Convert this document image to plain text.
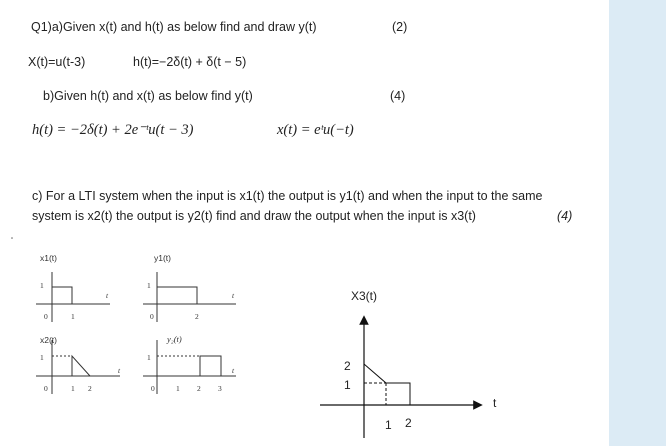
Q1)a)Given x(t) and h(t) as below find and draw y(t)	(2)
X(t)=u(t-3)	h(t)=−2δ(t) + δ(t − 5)
b)Given h(t) and x(t) as below find y(t)	(4)
h(t) = −2δ(t) + 2e⁻ᵗu(t − 3)	x(t) = eᵗu(−t)
c) For a LTI system when the input is x1(t) the output is y1(t) and when the input to the same
system is x2(t) the output is y2(t) find and draw the output when the input is x3(t)	(4)
x1(t)	y1(t)
x2(t)	y₂(t)
X3(t)
1
0	1
t
1
0	2
t
1
0	1 2
t
1
0	1 2 3
t	2
1
1 2
t
